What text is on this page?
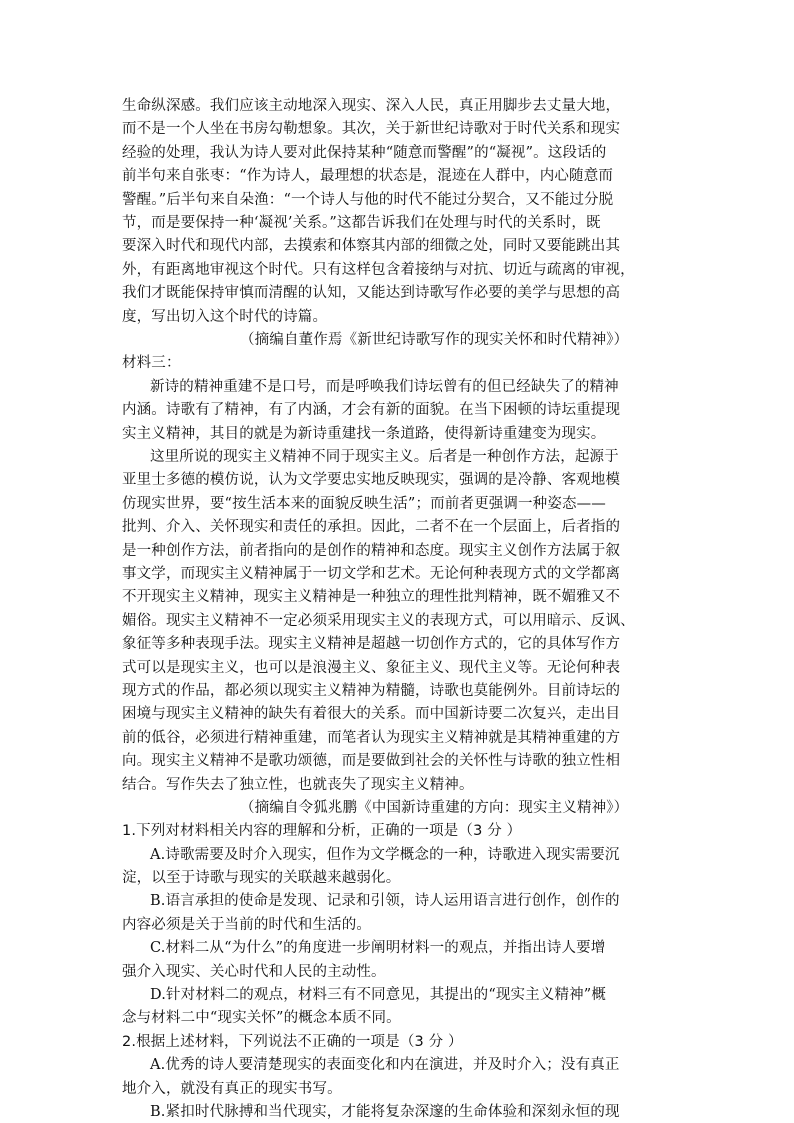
生命纵深感。我们应该主动地深入现实、深入人民，真正用脚步去丈量大地，
而不是一个人坐在书房勾勒想象。其次，关于新世纪诗歌对于时代关系和现实
经验的处理，我认为诗人要对此保持某种“随意而警醒”的“凝视”。这段话的
前半句来自张枣：“作为诗人，最理想的状态是，混迹在人群中，内心随意而
警醒。”后半句来自朵渔：“一个诗人与他的时代不能过分契合，又不能过分脱
节，而是要保持一种‘凝视’关系。”这都告诉我们在处理与时代的关系时，既
要深入时代和现代内部，去摸索和体察其内部的细微之处，同时又要能跳出其
外，有距离地审视这个时代。只有这样包含着接纳与对抗、切近与疏离的审视，
我们才既能保持审慎而清醒的认知，又能达到诗歌写作必要的美学与思想的高
度，写出切入这个时代的诗篇。
（摘编自董作焉《新世纪诗歌写作的现实关怀和时代精神》）
材料三：
新诗的精神重建不是口号，而是呼唤我们诗坛曾有的但已经缺失了的精神
内涵。诗歌有了精神，有了内涵，才会有新的面貌。在当下困顿的诗坛重提现
实主义精神，其目的就是为新诗重建找一条道路，使得新诗重建变为现实。
这里所说的现实主义精神不同于现实主义。后者是一种创作方法，起源于
亚里士多德的模仿说，认为文学要忠实地反映现实，强调的是冷静、客观地模
仿现实世界，要“按生活本来的面貌反映生活”；而前者更强调一种姿态——
批判、介入、关怀现实和责任的承担。因此，二者不在一个层面上，后者指的
是一种创作方法，前者指向的是创作的精神和态度。现实主义创作方法属于叙
事文学，而现实主义精神属于一切文学和艺术。无论何种表现方式的文学都离
不开现实主义精神，现实主义精神是一种独立的理性批判精神，既不媚雅又不
媚俗。现实主义精神不一定必须采用现实主义的表现方式，可以用暗示、反讽、
象征等多种表现手法。现实主义精神是超越一切创作方式的，它的具体写作方
式可以是现实主义，也可以是浪漫主义、象征主义、现代主义等。无论何种表
现方式的作品，都必须以现实主义精神为精髓，诗歌也莫能例外。目前诗坛的
困境与现实主义精神的缺失有着很大的关系。而中国新诗要二次复兴，走出目
前的低谷，必须进行精神重建，而笔者认为现实主义精神就是其精神重建的方
向。现实主义精神不是歌功颂德，而是要做到社会的关怀性与诗歌的独立性相
结合。写作失去了独立性，也就丧失了现实主义精神。
（摘编自令狐兆鹏《中国新诗重建的方向：现实主义精神》）
1.下列对材料相关内容的理解和分析，正确的一项是（3 分 ）
A.诗歌需要及时介入现实，但作为文学概念的一种，诗歌进入现实需要沉
淀，以至于诗歌与现实的关联越来越弱化。
B.语言承担的使命是发现、记录和引领，诗人运用语言进行创作，创作的
内容必须是关于当前的时代和生活的。
C.材料二从“为什么”的角度进一步阐明材料一的观点，并指出诗人要增
强介入现实、关心时代和人民的主动性。
D.针对材料二的观点，材料三有不同意见，其提出的“现实主义精神”概
念与材料二中“现实关怀”的概念本质不同。
2.根据上述材料，下列说法不正确的一项是（3 分 ）
A.优秀的诗人要清楚现实的表面变化和内在演进，并及时介入；没有真正
地介入，就没有真正的现实书写。
B.紧扣时代脉搏和当代现实，才能将复杂深邃的生命体验和深刻永恒的现
